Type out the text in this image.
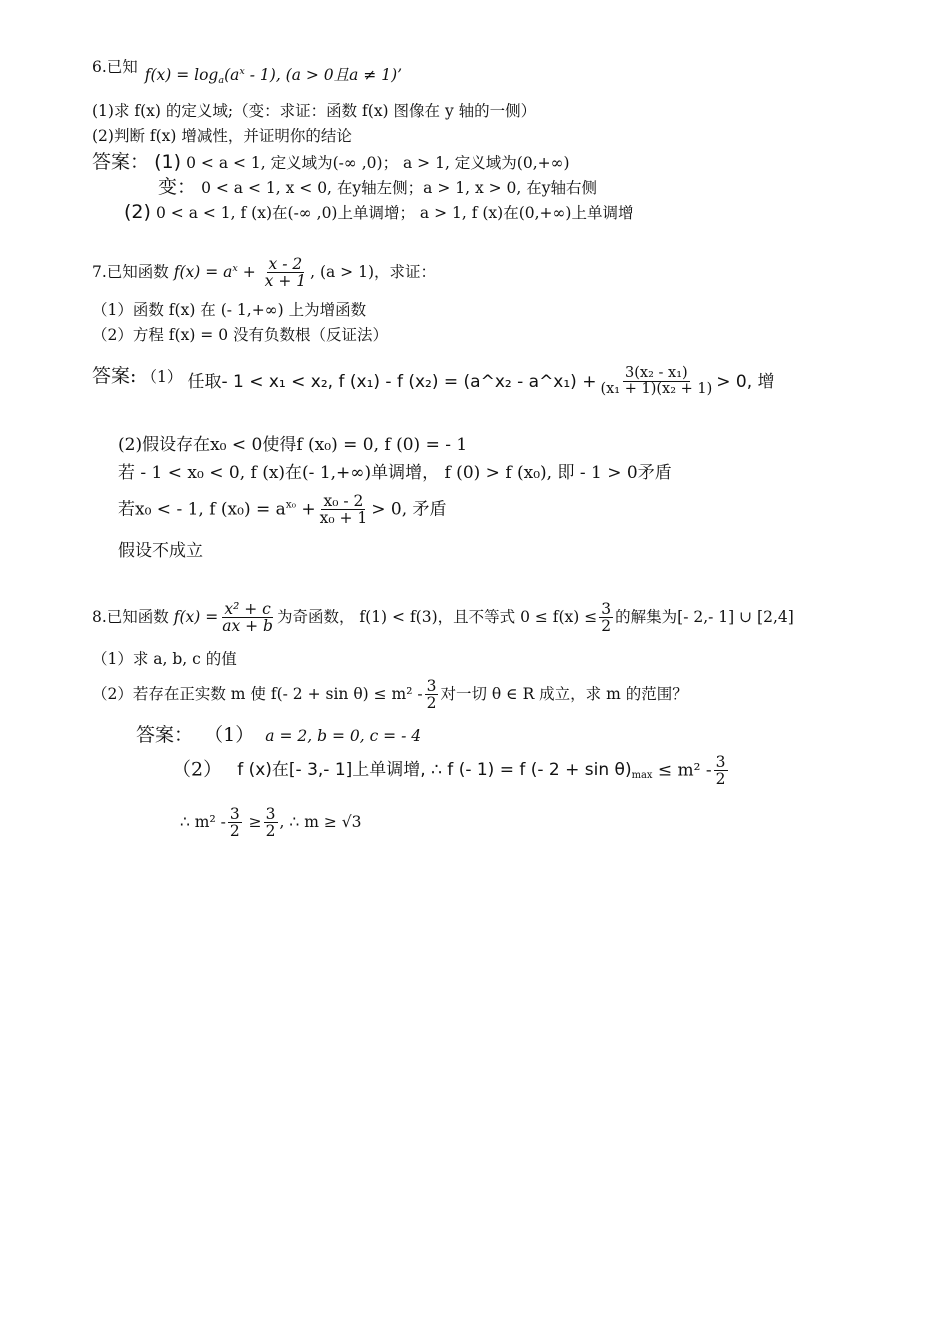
6.已知 $f(x) = \log_a(a^x - 1)$, (a > 0且a ≠ 1)’
(1)求 f(x) 的定义域;（变：求证：函数 f(x) 图像在 y 轴的一侧）
(2)判断 f(x) 增减性，并证明你的结论
答案： (1) 0 < a < 1, 定义域为(-∞ ,0)； a > 1, 定义域为(0,+∞)
变： 0 < a < 1, x < 0, 在y轴左侧；a > 1, x > 0, 在y轴右侧
(2) 0 < a < 1, f (x)在(-∞ ,0)上单调增； a > 1, f (x)在(0,+∞)上单调增
7.已知函数 $f(x) = a^x + \frac{x - 2}{x + 1}$ , (a > 1)，求证：
（1）函数 f(x) 在 (- 1,+∞) 上为增函数
（2）方程 f(x) = 0 没有负数根（反证法）
答案: （1） 任取- 1 < x₁ < x₂, f (x₁) - f (x₂) = (a^x₂ - a^x₁) + $\frac{\text{3(x₂ - x₁)}}{\text{(x₁ + 1)(x₂ + 1)}} > 0$, 增
(2)假设存在x₀ < 0使得f (x₀) = 0, f (0) = - 1
若 - 1 < x₀ < 0, f (x)在(- 1,+∞)单调增， f (0) > f (x₀), 即 - 1 > 0矛盾
若x₀ < - 1, f $(x_0) = a^{x_0} + \frac{\text{x₀ - 2}}{\text{x₀ + 1}} > 0$, 矛盾
假设不成立
8.已知函数 $f(x) = \frac{\text{x² + c}}{ax + b}$ 为奇函数， f(1) < f(3)，且不等式 $0 \le f(x) \le \frac{3}{2}$ 的解集为[- 2,- 1] ∪ [2,4]
（1）求 a, b, c 的值
（2）若存在正实数 m 使 f(- $2 + \sin \theta) \le m^2 - \frac{3}{2}$ 对一切 θ ∈ R 成立，求 m 的范围？
答案： （1） a = 2, b = 0, c = - 4
（2） f (x)在[- 3,- 1]上单调增, ∴ f (- 1) = f (- $2 + \sin \theta)_{max} \le m^2 - \frac{3}{2}$
∴ $m^2 - \frac{3}{2} \ge \frac{3}{2}$ , ∴ m ≥ √3
